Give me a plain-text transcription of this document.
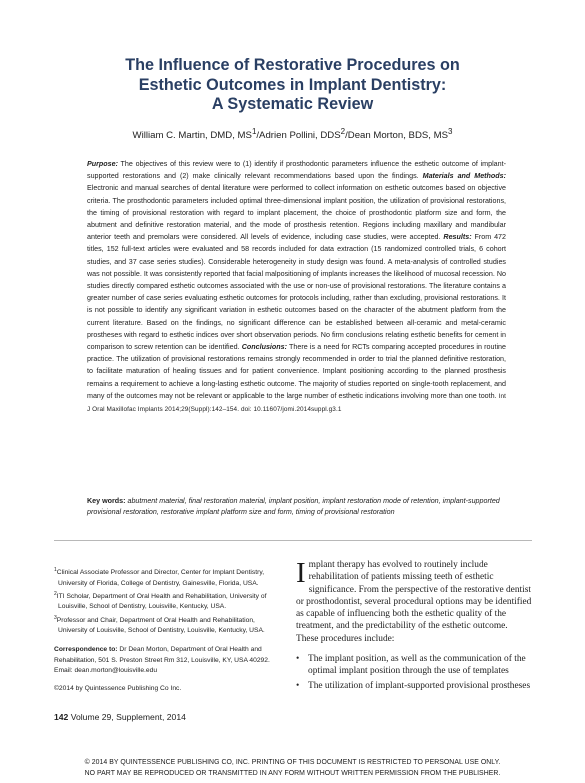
The Influence of Restorative Procedures on
Esthetic Outcomes in Implant Dentistry:
A Systematic Review
William C. Martin, DMD, $MS^1$/Adrien Pollini, DDS$^2$/Dean Morton, BDS, $MS^3$
Purpose: The objectives of this review were to (1) identify if prosthodontic parameters influence the esthetic outcome of implant-supported restorations and (2) make clinically relevant recommendations based upon the findings. Materials and Methods: Electronic and manual searches of dental literature were performed to collect information on esthetic outcomes based on objective criteria. The prosthodontic parameters included optimal three-dimensional implant position, the utilization of provisional restorations, the timing of provisional restoration with regard to implant placement, the choice of prosthodontic platform size and form, the abutment and definitive restoration material, and the mode of prosthesis retention. Regions including maxillary and mandibular anterior teeth and premolars were considered. All levels of evidence, including case studies, were accepted. Results: From 472 titles, 152 full-text articles were evaluated and 58 records included for data extraction (15 randomized controlled trials, 6 cohort studies, and 37 case series studies). Considerable heterogeneity in study design was found. A meta-analysis of controlled studies was not possible. It was consistently reported that facial malpositioning of implants increases the likelihood of mucosal recession. No studies directly compared esthetic outcomes associated with the use or non-use of provisional restorations. The literature contains a greater number of case series evaluating esthetic outcomes for protocols including, rather than excluding, provisional restorations. It is not possible to identify any significant variation in esthetic outcomes based on the character of the abutment platform from the current literature. Based on the findings, no significant difference can be established between all-ceramic and metal-ceramic prostheses with regard to esthetic indices over short observation periods. No firm conclusions relating esthetic benefits for cement in comparison to screw retention can be identified. Conclusions: There is a need for RCTs comparing accepted procedures in routine practice. The utilization of provisional restorations remains strongly recommended in order to trial the planned definitive restoration, to facilitate maturation of healing tissues and for patient convenience. Implant positioning according to the planned prosthesis remains a requirement to achieve a long-lasting esthetic outcome. The majority of studies reported on single-tooth replacement, and many of the outcomes may not be relevant or applicable to the large number of esthetic indications involving more than one tooth. Int J Oral Maxillofac Implants 2014;29(Suppl):142–154. doi: 10.11607/jomi.2014suppl.g3.1
Key words: abutment material, final restoration material, implant position, implant restoration mode of retention, implant-supported provisional restoration, restorative implant platform size and form, timing of provisional restoration
$^1$Clinical Associate Professor and Director, Center for Implant Dentistry, University of Florida, College of Dentistry, Gainesville, Florida, USA.
$^2$ITI Scholar, Department of Oral Health and Rehabilitation, University of Louisville, School of Dentistry, Louisville, Kentucky, USA.
$^3$Professor and Chair, Department of Oral Health and Rehabilitation, University of Louisville, School of Dentistry, Louisville, Kentucky, USA.
Correspondence to: Dr Dean Morton, Department of Oral Health and Rehabilitation, 501 S. Preston Street Rm 312, Louisville, KY, USA 40292.
Email: dean.morton@louisville.edu
©2014 by Quintessence Publishing Co Inc.
Implant therapy has evolved to routinely include rehabilitation of patients missing teeth of esthetic significance. From the perspective of the restorative dentist or prosthodontist, several procedural options may be identified as capable of influencing both the esthetic quality of the treatment, and the predictability of the esthetic outcome. These procedures include:
• The implant position, as well as the communication of the optimal implant position through the use of templates
• The utilization of implant-supported provisional prostheses
142 Volume 29, Supplement, 2014
© 2014 BY QUINTESSENCE PUBLISHING CO, INC. PRINTING OF THIS DOCUMENT IS RESTRICTED TO PERSONAL USE ONLY.
NO PART MAY BE REPRODUCED OR TRANSMITTED IN ANY FORM WITHOUT WRITTEN PERMISSION FROM THE PUBLISHER.
